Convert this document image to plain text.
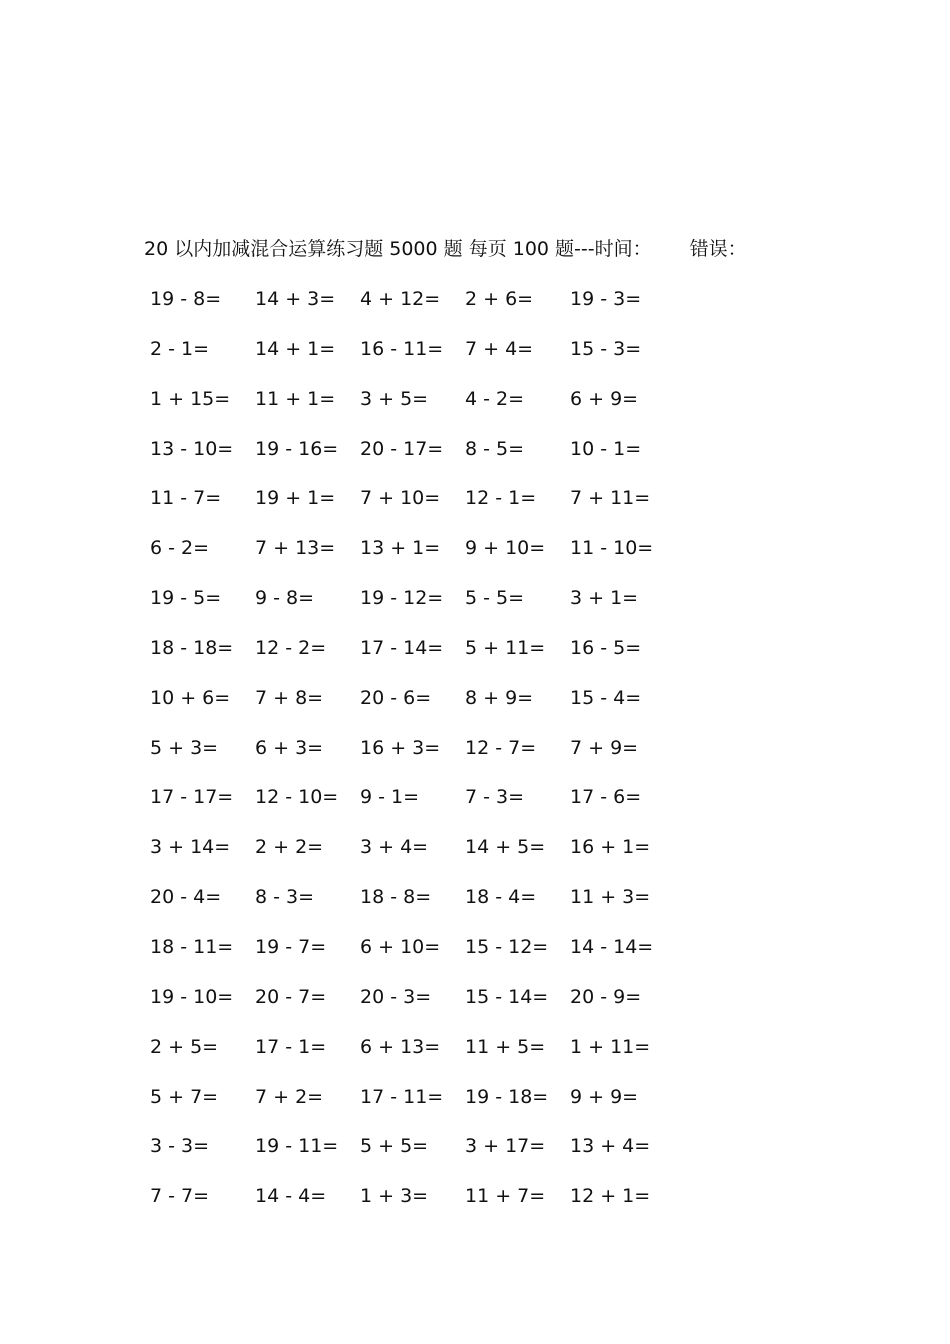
20 以内加减混合运算练习题 5000 题 每页 100 题---时间： 错误：
19 - 8= 14 + 3= 4 + 12= 2 + 6= 19 - 3=
2 - 1= 14 + 1= 16 - 11= 7 + 4= 15 - 3=
1 + 15= 11 + 1= 3 + 5= 4 - 2= 6 + 9=
13 - 10= 19 - 16= 20 - 17= 8 - 5= 10 - 1=
11 - 7= 19 + 1= 7 + 10= 12 - 1= 7 + 11=
6 - 2= 7 + 13= 13 + 1= 9 + 10= 11 - 10=
19 - 5= 9 - 8= 19 - 12= 5 - 5= 3 + 1=
18 - 18= 12 - 2= 17 - 14= 5 + 11= 16 - 5=
10 + 6= 7 + 8= 20 - 6= 8 + 9= 15 - 4=
5 + 3= 6 + 3= 16 + 3= 12 - 7= 7 + 9=
17 - 17= 12 - 10= 9 - 1= 7 - 3= 17 - 6=
3 + 14= 2 + 2= 3 + 4= 14 + 5= 16 + 1=
20 - 4= 8 - 3= 18 - 8= 18 - 4= 11 + 3=
18 - 11= 19 - 7= 6 + 10= 15 - 12= 14 - 14=
19 - 10= 20 - 7= 20 - 3= 15 - 14= 20 - 9=
2 + 5= 17 - 1= 6 + 13= 11 + 5= 1 + 11=
5 + 7= 7 + 2= 17 - 11= 19 - 18= 9 + 9=
3 - 3= 19 - 11= 5 + 5= 3 + 17= 13 + 4=
7 - 7= 14 - 4= 1 + 3= 11 + 7= 12 + 1=
